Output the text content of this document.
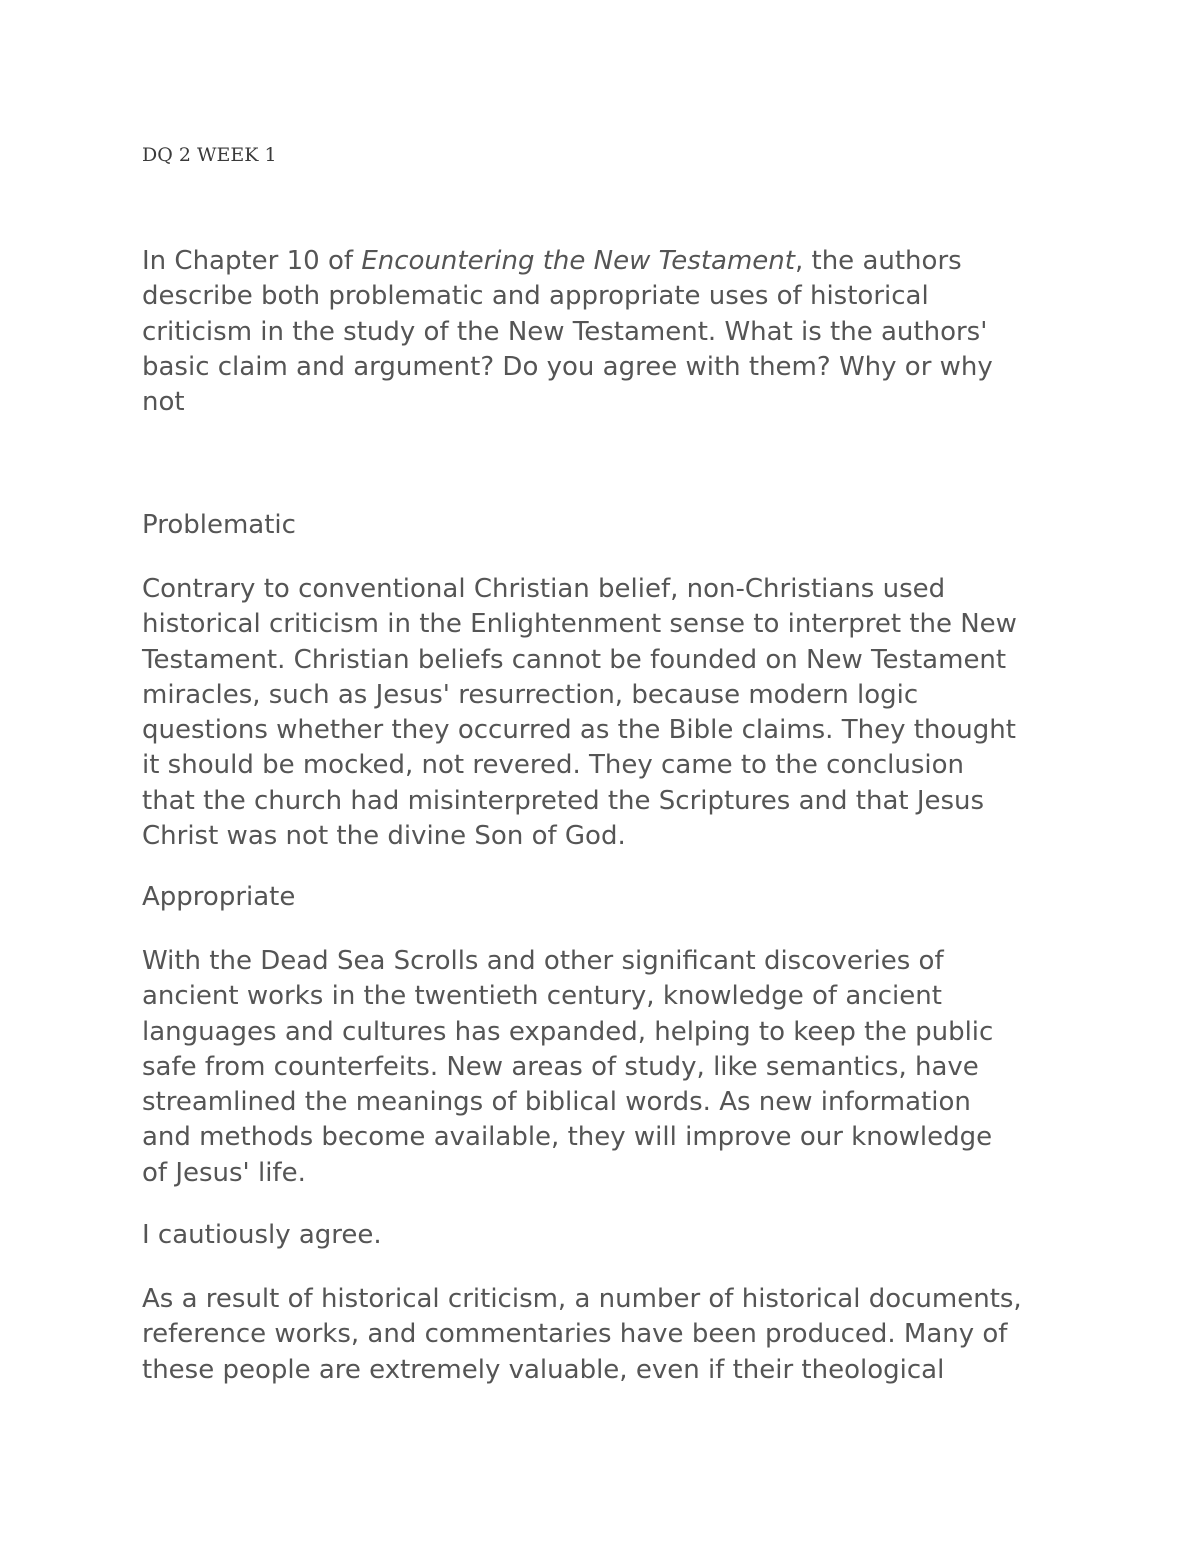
DQ 2 WEEK 1
In Chapter 10 of Encountering the New Testament, the authors
describe both problematic and appropriate uses of historical
criticism in the study of the New Testament. What is the authors'
basic claim and argument? Do you agree with them? Why or why
not
Problematic
Contrary to conventional Christian belief, non-Christians used
historical criticism in the Enlightenment sense to interpret the New
Testament. Christian beliefs cannot be founded on New Testament
miracles, such as Jesus' resurrection, because modern logic
questions whether they occurred as the Bible claims. They thought
it should be mocked, not revered. They came to the conclusion
that the church had misinterpreted the Scriptures and that Jesus
Christ was not the divine Son of God.
Appropriate
With the Dead Sea Scrolls and other significant discoveries of
ancient works in the twentieth century, knowledge of ancient
languages and cultures has expanded, helping to keep the public
safe from counterfeits. New areas of study, like semantics, have
streamlined the meanings of biblical words. As new information
and methods become available, they will improve our knowledge
of Jesus' life.
I cautiously agree.
As a result of historical criticism, a number of historical documents,
reference works, and commentaries have been produced. Many of
these people are extremely valuable, even if their theological
